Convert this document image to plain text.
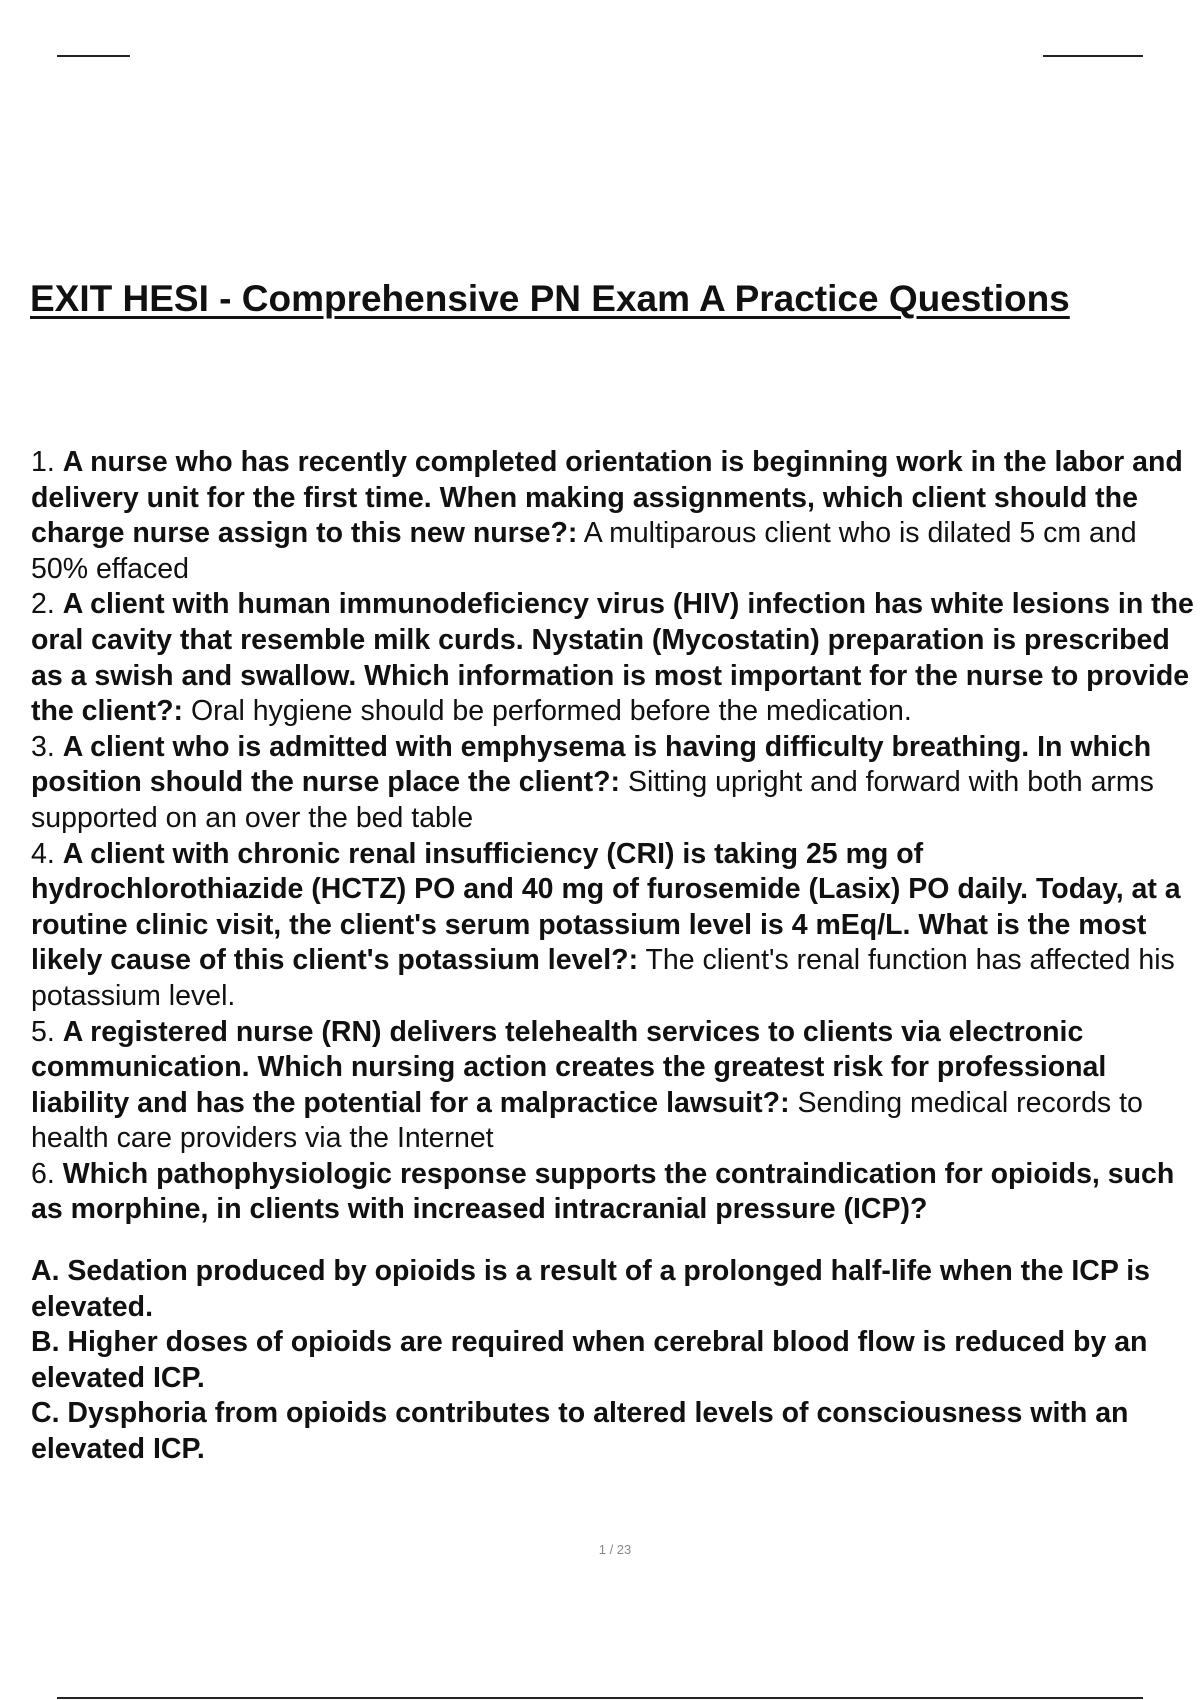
EXIT HESI - Comprehensive PN Exam A Practice Questions

1. A nurse who has recently completed orientation is beginning work in the labor and delivery unit for the first time. When making assignments, which client should the charge nurse assign to this new nurse?: A multiparous client who is dilated 5 cm and 50% effaced

2. A client with human immunodeficiency virus (HIV) infection has white lesions in the oral cavity that resemble milk curds. Nystatin (Mycostatin) preparation is prescribed as a swish and swallow. Which information is most important for the nurse to provide the client?: Oral hygiene should be performed before the medication.

3. A client who is admitted with emphysema is having difficulty breathing. In which position should the nurse place the client?: Sitting upright and forward with both arms supported on an over the bed table

4. A client with chronic renal insufficiency (CRI) is taking 25 mg of hydrochlorothiazide (HCTZ) PO and 40 mg of furosemide (Lasix) PO daily. Today, at a routine clinic visit, the client's serum potassium level is 4 mEq/L. What is the most likely cause of this client's potassium level?: The client's renal function has affected his potassium level.

5. A registered nurse (RN) delivers telehealth services to clients via electronic communication. Which nursing action creates the greatest risk for professional liability and has the potential for a malpractice lawsuit?: Sending medical records to health care providers via the Internet

6. Which pathophysiologic response supports the contraindication for opioids, such as morphine, in clients with increased intracranial pressure (ICP)?

A. Sedation produced by opioids is a result of a prolonged half-life when the ICP is elevated.

B. Higher doses of opioids are required when cerebral blood flow is reduced by an elevated ICP.

C. Dysphoria from opioids contributes to altered levels of consciousness with an elevated ICP.

1 / 23
